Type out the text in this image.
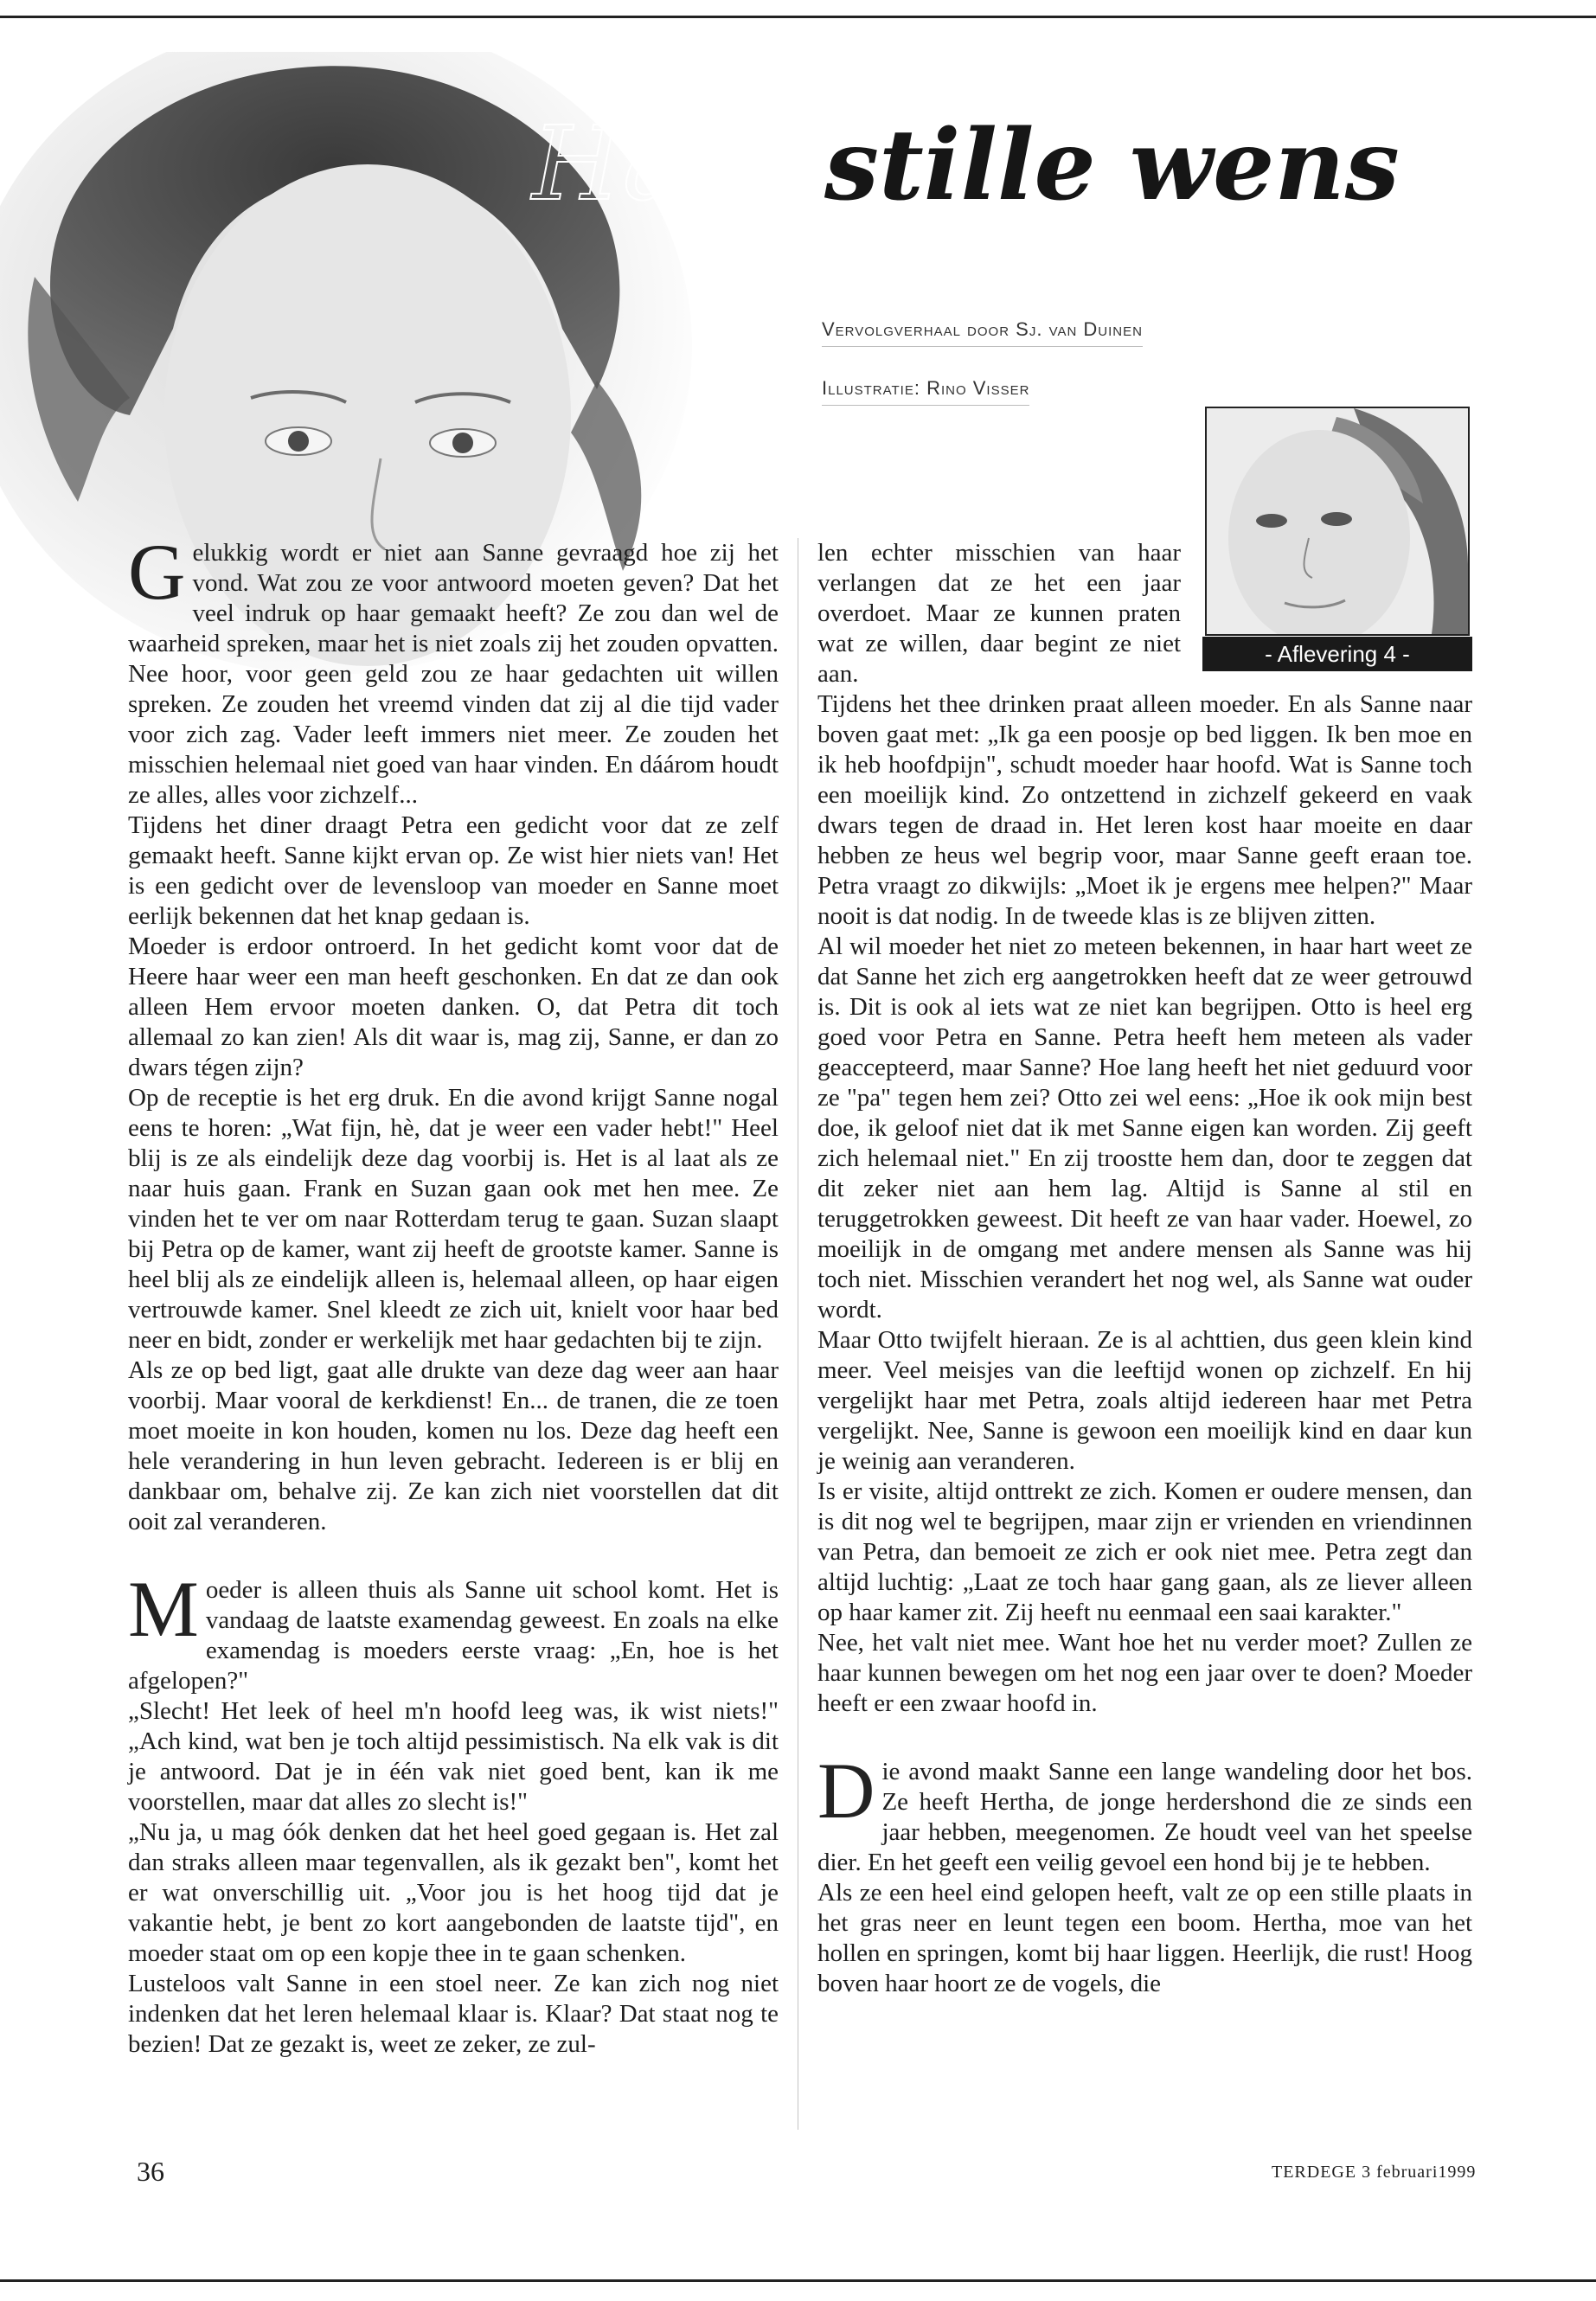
Haar stille wens
Vervolgverhaal door Sj. van Duinen
Illustratie: Rino Visser
- Aflevering 4 -

Gelukkig wordt er niet aan Sanne gevraagd hoe zij het vond. Wat zou ze voor antwoord moeten geven? Dat het veel indruk op haar gemaakt heeft? Ze zou dan wel de waarheid spreken, maar het is niet zoals zij het zouden opvatten. Nee hoor, voor geen geld zou ze haar gedachten uit willen spreken. Ze zouden het vreemd vinden dat zij al die tijd vader voor zich zag. Vader leeft immers niet meer. Ze zouden het misschien helemaal niet goed van haar vinden. En dáárom houdt ze alles, alles voor zichzelf...

Tijdens het diner draagt Petra een gedicht voor dat ze zelf gemaakt heeft. Sanne kijkt ervan op. Ze wist hier niets van! Het is een gedicht over de levensloop van moeder en Sanne moet eerlijk bekennen dat het knap gedaan is.

Moeder is erdoor ontroerd. In het gedicht komt voor dat de Heere haar weer een man heeft geschonken. En dat ze dan ook alleen Hem ervoor moeten danken. O, dat Petra dit toch allemaal zo kan zien! Als dit waar is, mag zij, Sanne, er dan zo dwars tégen zijn?

Op de receptie is het erg druk. En die avond krijgt Sanne nogal eens te horen: „Wat fijn, hè, dat je weer een vader hebt!" Heel blij is ze als eindelijk deze dag voorbij is. Het is al laat als ze naar huis gaan. Frank en Suzan gaan ook met hen mee. Ze vinden het te ver om naar Rotterdam terug te gaan. Suzan slaapt bij Petra op de kamer, want zij heeft de grootste kamer. Sanne is heel blij als ze eindelijk alleen is, helemaal alleen, op haar eigen vertrouwde kamer. Snel kleedt ze zich uit, knielt voor haar bed neer en bidt, zonder er werkelijk met haar gedachten bij te zijn.

Als ze op bed ligt, gaat alle drukte van deze dag weer aan haar voorbij. Maar vooral de kerkdienst! En... de tranen, die ze toen moet moeite in kon houden, komen nu los. Deze dag heeft een hele verandering in hun leven gebracht. Iedereen is er blij en dankbaar om, behalve zij. Ze kan zich niet voorstellen dat dit ooit zal veranderen.

Moeder is alleen thuis als Sanne uit school komt. Het is vandaag de laatste examendag geweest. En zoals na elke examendag is moeders eerste vraag: „En, hoe is het afgelopen?"

„Slecht! Het leek of heel m'n hoofd leeg was, ik wist niets!" „Ach kind, wat ben je toch altijd pessimistisch. Na elk vak is dit je antwoord. Dat je in één vak niet goed bent, kan ik me voorstellen, maar dat alles zo slecht is!"

„Nu ja, u mag óók denken dat het heel goed gegaan is. Het zal dan straks alleen maar tegenvallen, als ik gezakt ben", komt het er wat onverschillig uit. „Voor jou is het hoog tijd dat je vakantie hebt, je bent zo kort aangebonden de laatste tijd", en moeder staat om op een kopje thee in te gaan schenken.

Lusteloos valt Sanne in een stoel neer. Ze kan zich nog niet indenken dat het leren helemaal klaar is. Klaar? Dat staat nog te bezien! Dat ze gezakt is, weet ze zeker, ze zul-

len echter misschien van haar verlangen dat ze het een jaar overdoet. Maar ze kunnen praten wat ze willen, daar begint ze niet aan.

Tijdens het thee drinken praat alleen moeder. En als Sanne naar boven gaat met: „Ik ga een poosje op bed liggen. Ik ben moe en ik heb hoofdpijn", schudt moeder haar hoofd. Wat is Sanne toch een moeilijk kind. Zo ontzettend in zichzelf gekeerd en vaak dwars tegen de draad in. Het leren kost haar moeite en daar hebben ze heus wel begrip voor, maar Sanne geeft eraan toe. Petra vraagt zo dikwijls: „Moet ik je ergens mee helpen?" Maar nooit is dat nodig. In de tweede klas is ze blijven zitten.

Al wil moeder het niet zo meteen bekennen, in haar hart weet ze dat Sanne het zich erg aangetrokken heeft dat ze weer getrouwd is. Dit is ook al iets wat ze niet kan begrijpen. Otto is heel erg goed voor Petra en Sanne. Petra heeft hem meteen als vader geaccepteerd, maar Sanne? Hoe lang heeft het niet geduurd voor ze "pa" tegen hem zei? Otto zei wel eens: „Hoe ik ook mijn best doe, ik geloof niet dat ik met Sanne eigen kan worden. Zij geeft zich helemaal niet." En zij troostte hem dan, door te zeggen dat dit zeker niet aan hem lag. Altijd is Sanne al stil en teruggetrokken geweest. Dit heeft ze van haar vader. Hoewel, zo moeilijk in de omgang met andere mensen als Sanne was hij toch niet. Misschien verandert het nog wel, als Sanne wat ouder wordt.

Maar Otto twijfelt hieraan. Ze is al achttien, dus geen klein kind meer. Veel meisjes van die leeftijd wonen op zichzelf. En hij vergelijkt haar met Petra, zoals altijd iedereen haar met Petra vergelijkt. Nee, Sanne is gewoon een moeilijk kind en daar kun je weinig aan veranderen.

Is er visite, altijd onttrekt ze zich. Komen er oudere mensen, dan is dit nog wel te begrijpen, maar zijn er vrienden en vriendinnen van Petra, dan bemoeit ze zich er ook niet mee. Petra zegt dan altijd luchtig: „Laat ze toch haar gang gaan, als ze liever alleen op haar kamer zit. Zij heeft nu eenmaal een saai karakter."

Nee, het valt niet mee. Want hoe het nu verder moet? Zullen ze haar kunnen bewegen om het nog een jaar over te doen? Moeder heeft er een zwaar hoofd in.

Die avond maakt Sanne een lange wandeling door het bos. Ze heeft Hertha, de jonge herdershond die ze sinds een jaar hebben, meegenomen. Ze houdt veel van het speelse dier. En het geeft een veilig gevoel een hond bij je te hebben.

Als ze een heel eind gelopen heeft, valt ze op een stille plaats in het gras neer en leunt tegen een boom. Hertha, moe van het hollen en springen, komt bij haar liggen. Heerlijk, die rust! Hoog boven haar hoort ze de vogels, die

36	TERDEGE 3 februari1999
